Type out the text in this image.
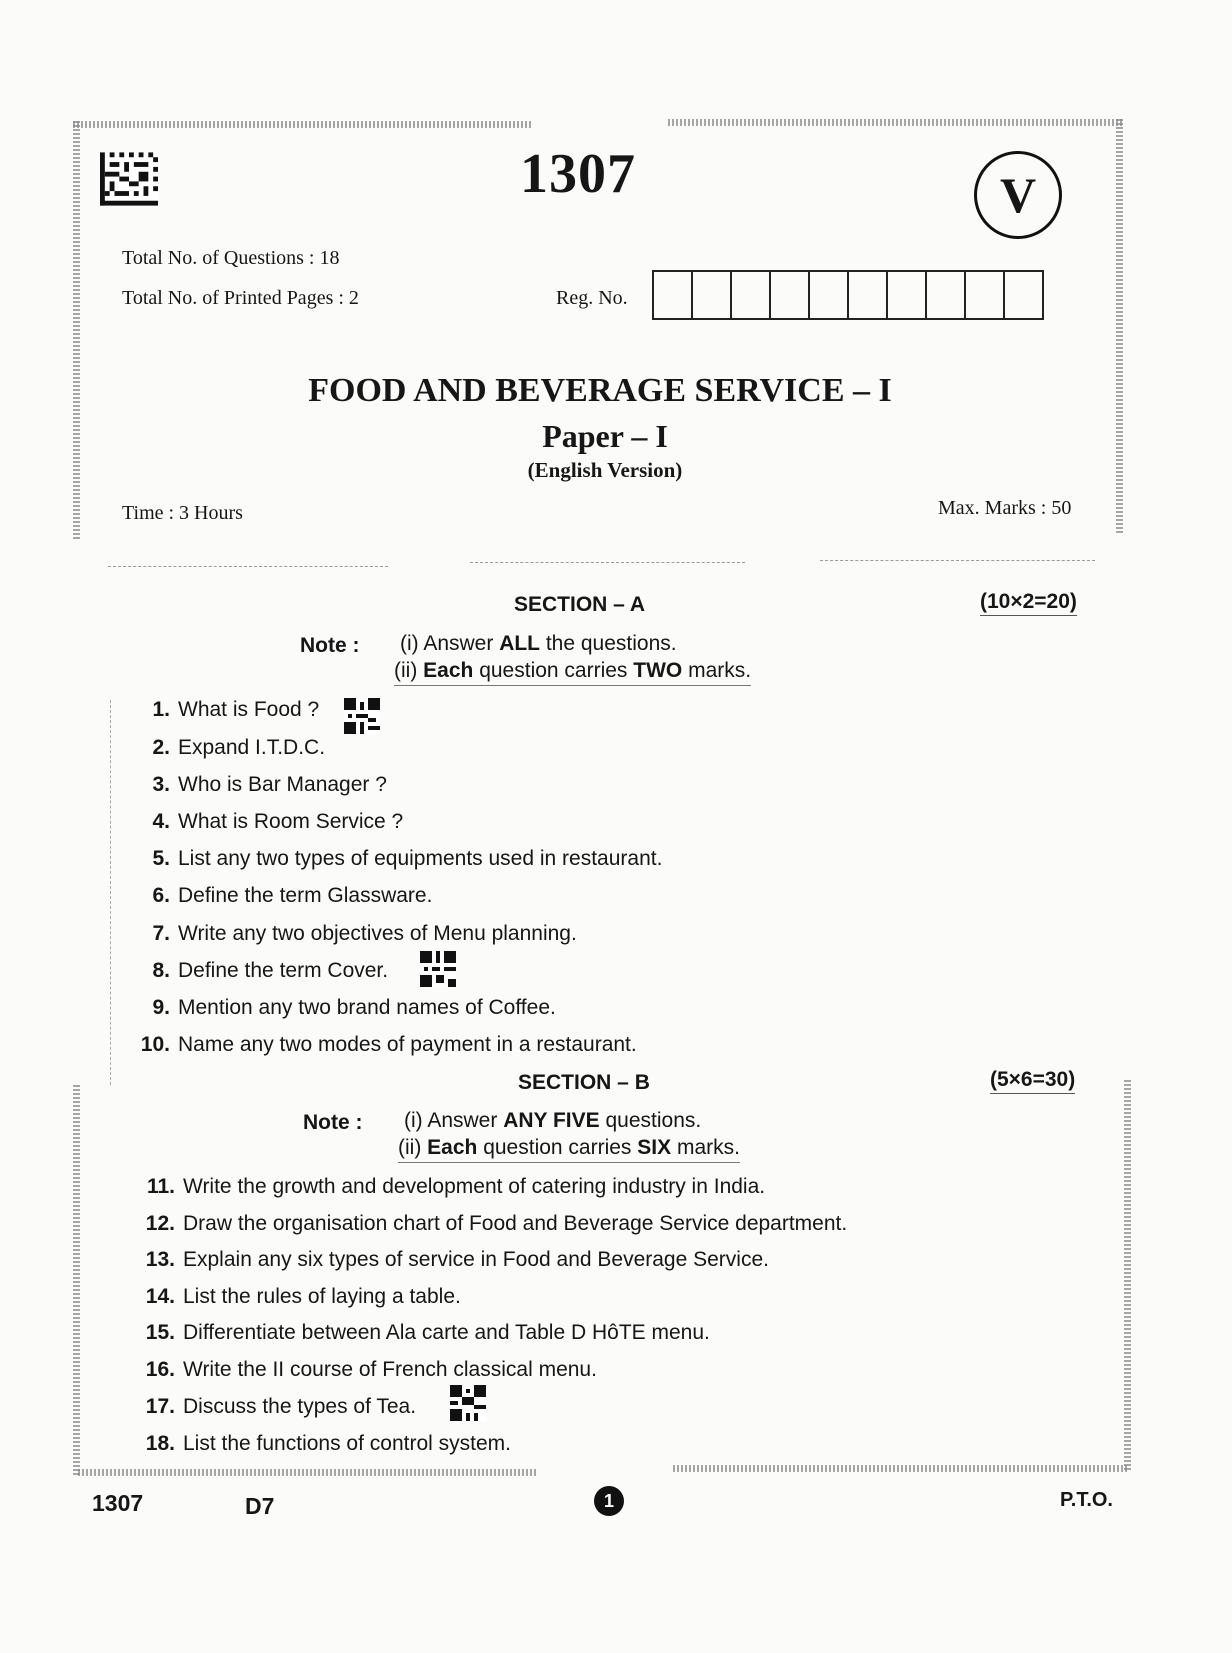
1307	V
Total No. of Questions : 18
Total No. of Printed Pages : 2	Reg. No.
FOOD AND BEVERAGE SERVICE – I
Paper – I
(English Version)
Time : 3 Hours	Max. Marks : 50
SECTION – A	(10×2=20)
Note : (i) Answer ALL the questions.
(ii) Each question carries TWO marks.
1. What is Food ?
2. Expand I.T.D.C.
3. Who is Bar Manager ?
4. What is Room Service ?
5. List any two types of equipments used in restaurant.
6. Define the term Glassware.
7. Write any two objectives of Menu planning.
8. Define the term Cover.
9. Mention any two brand names of Coffee.
10. Name any two modes of payment in a restaurant.
SECTION – B	(5×6=30)
Note : (i) Answer ANY FIVE questions.
(ii) Each question carries SIX marks.
11. Write the growth and development of catering industry in India.
12. Draw the organisation chart of Food and Beverage Service department.
13. Explain any six types of service in Food and Beverage Service.
14. List the rules of laying a table.
15. Differentiate between Ala carte and Table D HôTE menu.
16. Write the II course of French classical menu.
17. Discuss the types of Tea.
18. List the functions of control system.
1307	D7	1	P.T.O.
